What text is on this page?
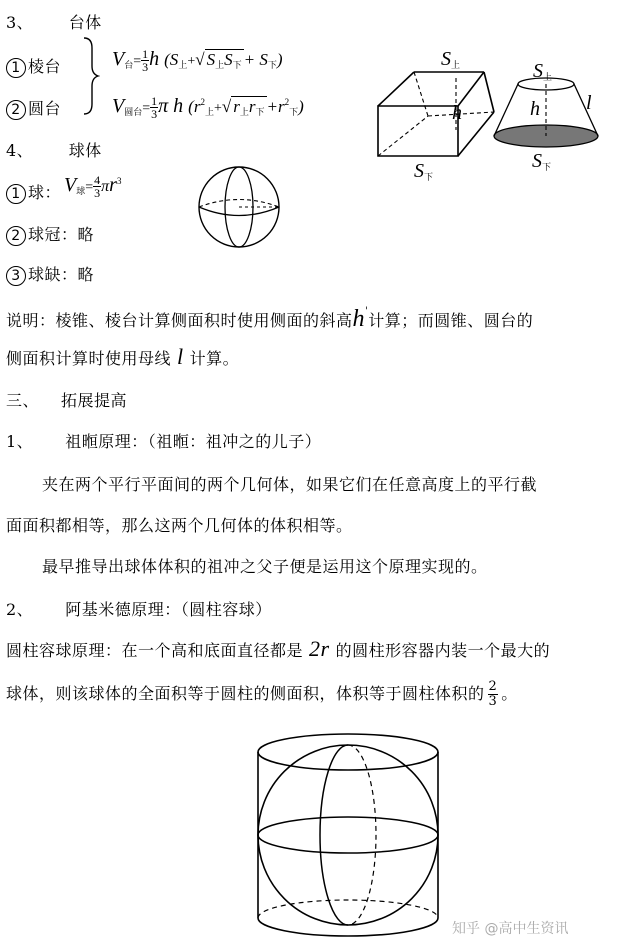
3、 台体
1 棱台
2 圆台
$V_台= \frac{1}{3}$ h ($S_上+√$ $S_上S_下 + S_下$)
$V_{圆台}= \frac{1}{3}$ π h ($r^2_上+√$ $r_上r_下 +r^2_下$)
$S_上$
h
$S_下$
$S_上$
h l
$S_下$
4、 球体
1 球： $V_球= \frac{4}{3} \pi r^3$
2 球冠：略
3 球缺：略
说明：棱锥、棱台计算侧面积时使用侧面的斜高h'计算；而圆锥、圆台的
侧面积计算时使用母线 l 计算。
三、 拓展提高
1、 祖暅原理：（祖暅：祖冲之的儿子）
夹在两个平行平面间的两个几何体，如果它们在任意高度上的平行截
面面积都相等，那么这两个几何体的体积相等。
最早推导出球体体积的祖冲之父子便是运用这个原理实现的。
2、 阿基米德原理：（圆柱容球）
圆柱容球原理：在一个高和底面直径都是 2r 的圆柱形容器内装一个最大的
球体，则该球体的全面积等于圆柱的侧面积，体积等于圆柱体积的 $\frac{2}{3}$ 。
知乎 @高中生资讯
